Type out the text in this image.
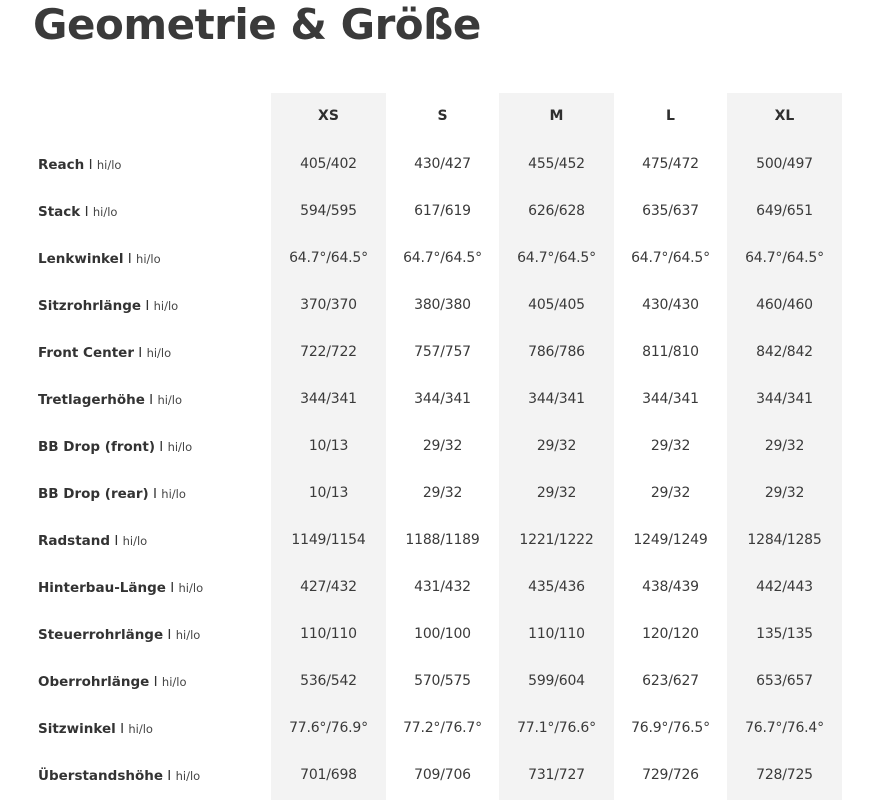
Geometrie & Größe
XS	S	M	L	XL
Reach I hi/lo	405/402	430/427	455/452	475/472	500/497
Stack I hi/lo	594/595	617/619	626/628	635/637	649/651
Lenkwinkel I hi/lo	64.7°/64.5°	64.7°/64.5°	64.7°/64.5°	64.7°/64.5°	64.7°/64.5°
Sitzrohrlänge I hi/lo	370/370	380/380	405/405	430/430	460/460
Front Center I hi/lo	722/722	757/757	786/786	811/810	842/842
Tretlagerhöhe I hi/lo	344/341	344/341	344/341	344/341	344/341
BB Drop (front) I hi/lo	10/13	29/32	29/32	29/32	29/32
BB Drop (rear) I hi/lo	10/13	29/32	29/32	29/32	29/32
Radstand I hi/lo	1149/1154	1188/1189	1221/1222	1249/1249	1284/1285
Hinterbau-Länge I hi/lo	427/432	431/432	435/436	438/439	442/443
Steuerrohrlänge I hi/lo	110/110	100/100	110/110	120/120	135/135
Oberrohrlänge I hi/lo	536/542	570/575	599/604	623/627	653/657
Sitzwinkel I hi/lo	77.6°/76.9°	77.2°/76.7°	77.1°/76.6°	76.9°/76.5°	76.7°/76.4°
Überstandshöhe I hi/lo	701/698	709/706	731/727	729/726	728/725
